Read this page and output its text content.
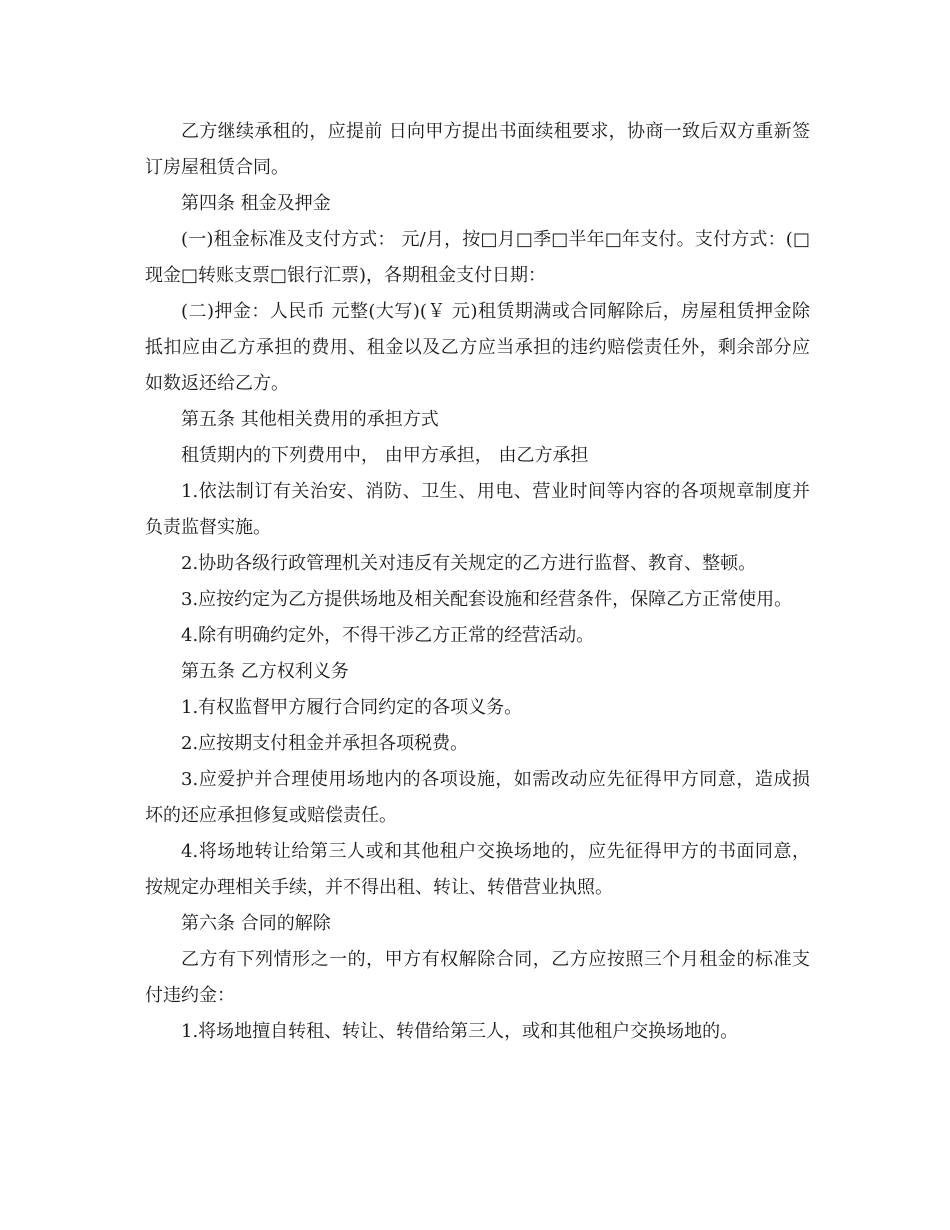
乙方继续承租的，应提前 日向甲方提出书面续租要求，协商一致后双方重新签订房屋租赁合同。

第四条 租金及押金

(一)租金标准及支付方式： 元/月，按□月□季□半年□年支付。支付方式：(□现金□转账支票□银行汇票)，各期租金支付日期：

(二)押金：人民币 元整(大写)(￥ 元)租赁期满或合同解除后，房屋租赁押金除抵扣应由乙方承担的费用、租金以及乙方应当承担的违约赔偿责任外，剩余部分应如数返还给乙方。

第五条 其他相关费用的承担方式

租赁期内的下列费用中， 由甲方承担， 由乙方承担

1.依法制订有关治安、消防、卫生、用电、营业时间等内容的各项规章制度并负责监督实施。

2.协助各级行政管理机关对违反有关规定的乙方进行监督、教育、整顿。

3.应按约定为乙方提供场地及相关配套设施和经营条件，保障乙方正常使用。

4.除有明确约定外，不得干涉乙方正常的经营活动。

第五条 乙方权利义务

1.有权监督甲方履行合同约定的各项义务。

2.应按期支付租金并承担各项税费。

3.应爱护并合理使用场地内的各项设施，如需改动应先征得甲方同意，造成损坏的还应承担修复或赔偿责任。

4.将场地转让给第三人或和其他租户交换场地的，应先征得甲方的书面同意，按规定办理相关手续，并不得出租、转让、转借营业执照。

第六条 合同的解除

乙方有下列情形之一的，甲方有权解除合同，乙方应按照三个月租金的标准支付违约金：

1.将场地擅自转租、转让、转借给第三人，或和其他租户交换场地的。
